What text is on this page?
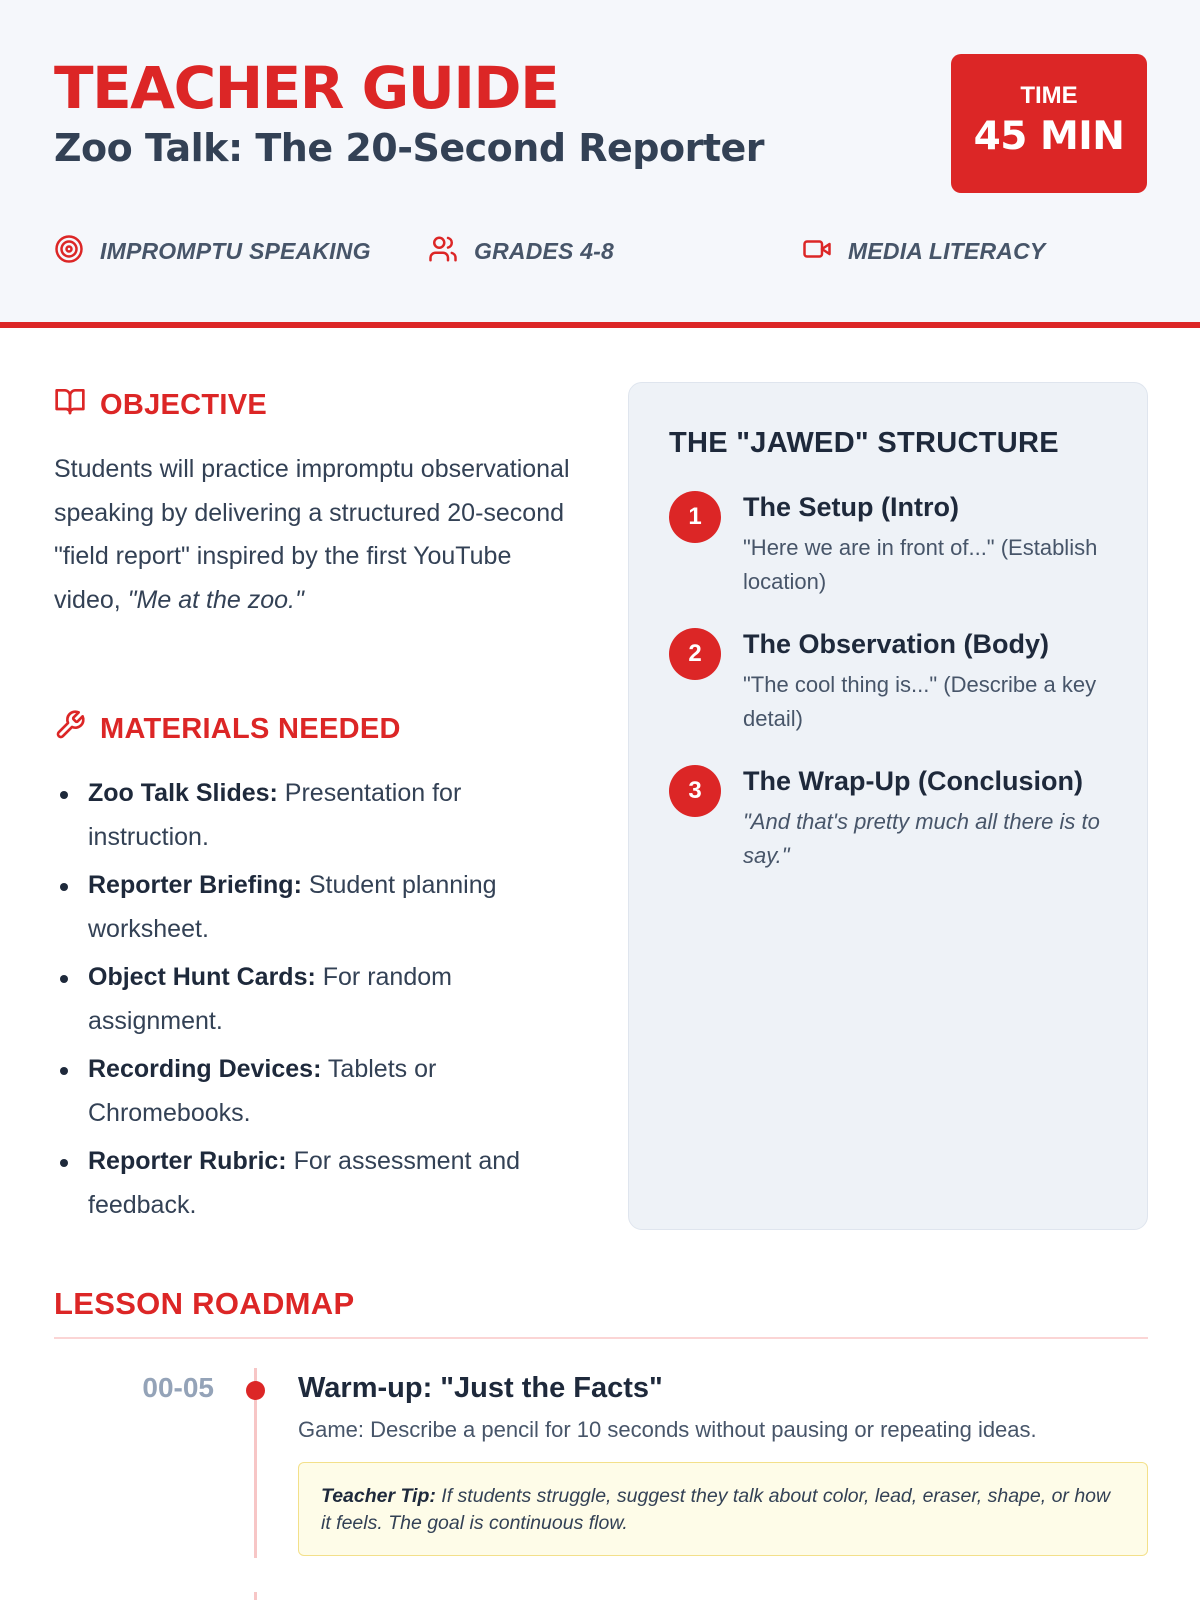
TEACHER GUIDE
Zoo Talk: The 20-Second Reporter
TIME
45 MIN
IMPROMPTU SPEAKING	GRADES 4-8	MEDIA LITERACY
OBJECTIVE
Students will practice impromptu observational speaking by delivering a structured 20-second "field report" inspired by the first YouTube video, "Me at the zoo."
MATERIALS NEEDED
Zoo Talk Slides: Presentation for instruction.
Reporter Briefing: Student planning worksheet.
Object Hunt Cards: For random assignment.
Recording Devices: Tablets or Chromebooks.
Reporter Rubric: For assessment and feedback.
THE "JAWED" STRUCTURE
1	The Setup (Intro)
"Here we are in front of..." (Establish location)
2	The Observation (Body)
"The cool thing is..." (Describe a key detail)
3	The Wrap-Up (Conclusion)
"And that's pretty much all there is to say."
LESSON ROADMAP
00-05	Warm-up: "Just the Facts"
Game: Describe a pencil for 10 seconds without pausing or repeating ideas.
Teacher Tip: If students struggle, suggest they talk about color, lead, eraser, shape, or how it feels. The goal is continuous flow.
